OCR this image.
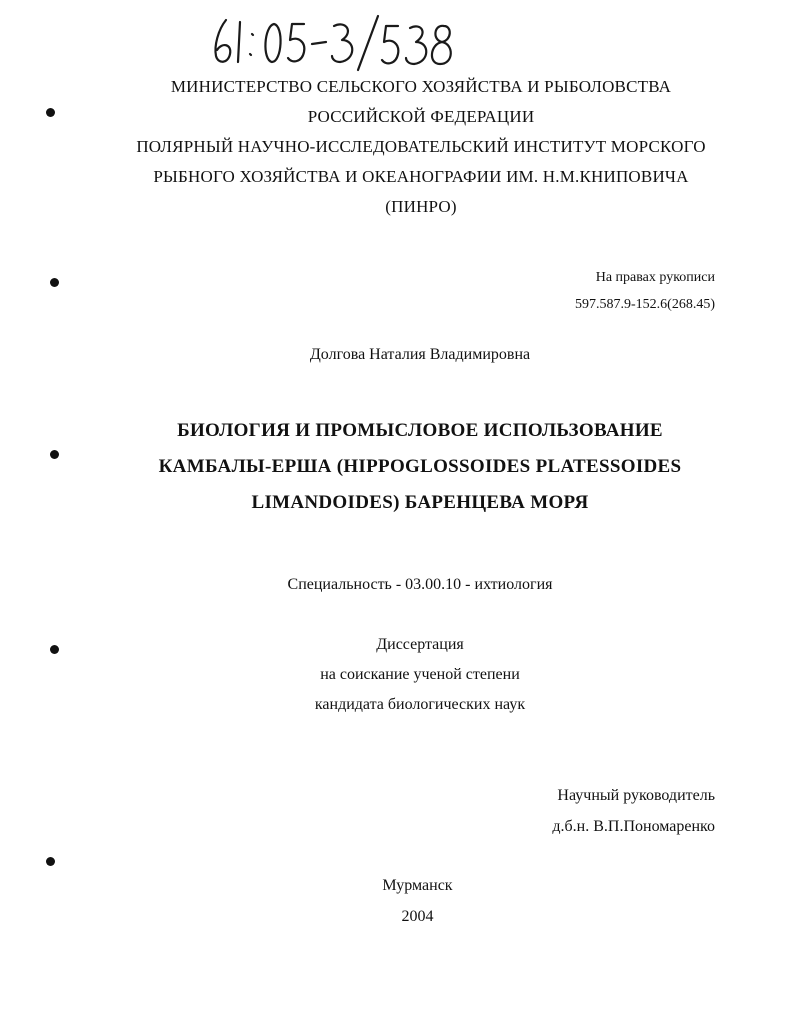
МИНИСТЕРСТВО СЕЛЬСКОГО ХОЗЯЙСТВА И РЫБОЛОВСТВА
РОССИЙСКОЙ ФЕДЕРАЦИИ
ПОЛЯРНЫЙ НАУЧНО-ИССЛЕДОВАТЕЛЬСКИЙ ИНСТИТУТ МОРСКОГО
РЫБНОГО ХОЗЯЙСТВА И ОКЕАНОГРАФИИ ИМ. Н.М.КНИПОВИЧА
(ПИНРО)
На правах рукописи
597.587.9-152.6(268.45)
Долгова Наталия Владимировна
БИОЛОГИЯ И ПРОМЫСЛОВОЕ ИСПОЛЬЗОВАНИЕ
КАМБАЛЫ-ЕРША (HIPPOGLOSSOIDES PLATESSOIDES
LIMANDOIDES) БАРЕНЦЕВА МОРЯ
Специальность - 03.00.10 - ихтиология
Диссертация
на соискание ученой степени
кандидата биологических наук
Научный руководитель
д.б.н. В.П.Пономаренко
Мурманск
2004
